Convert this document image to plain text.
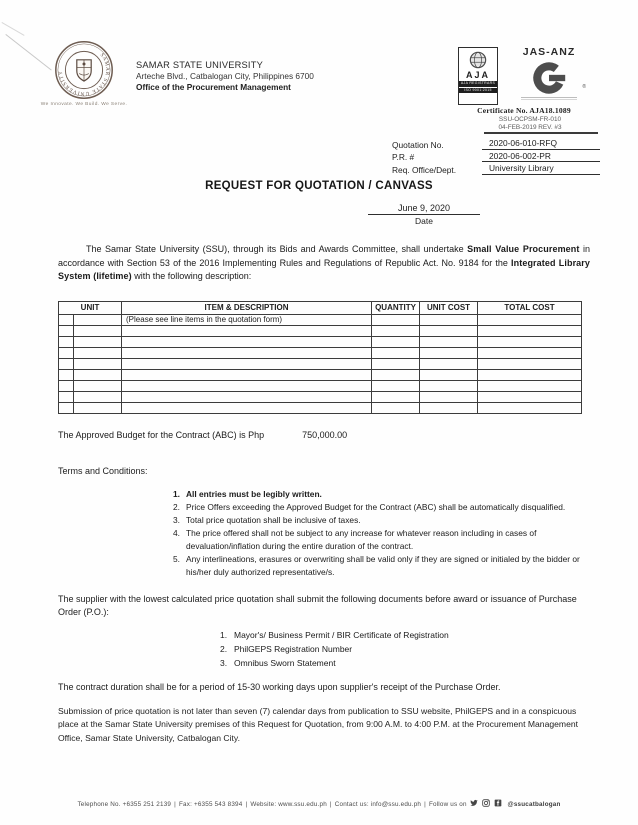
SAMAR STATE UNIVERSITY
We Innovate. We Build. We Serve.
SAMAR STATE UNIVERSITY
Arteche Blvd., Catbalogan City, Philippines 6700
Office of the Procurement Management
AJA
AJA REGISTRARS
ISO 9001:2015
JAS-ANZ
®
Certificate No. AJA18.1089
SSU-OCPSM-FR-010
04-FEB-2019 REV. #3
Quotation No.	2020-06-010-RFQ
P.R. #	2020-06-002-PR
Req. Office/Dept.	University Library
REQUEST FOR QUOTATION / CANVASS
June 9, 2020
Date

The Samar State University (SSU), through its Bids and Awards Committee, shall undertake Small Value Procurement in accordance with Section 53 of the 2016 Implementing Rules and Regulations of Republic Act. No. 9184 for the Integrated Library System (lifetime) with the following description:

UNIT		ITEM & DESCRIPTION	QUANTITY	UNIT COST	TOTAL COST
		(Please see line items in the quotation form)			

The Approved Budget for the Contract (ABC) is Php	750,000.00
Terms and Conditions:
1. All entries must be legibly written.
2. Price Offers exceeding the Approved Budget for the Contract (ABC) shall be automatically disqualified.
3. Total price quotation shall be inclusive of taxes.
4. The price offered shall not be subject to any increase for whatever reason including in cases of devaluation/inflation during the entire duration of the contract.
5. Any interlineations, erasures or overwriting shall be valid only if they are signed or initialed by the bidder or his/her duly authorized representative/s.

The supplier with the lowest calculated price quotation shall submit the following documents before award or issuance of Purchase Order (P.O.):

1. Mayor's/ Business Permit / BIR Certificate of Registration
2. PhilGEPS Registration Number
3. Omnibus Sworn Statement
The contract duration shall be for a period of 15-30 working days upon supplier's receipt of the Purchase Order.

Submission of price quotation is not later than seven (7) calendar days from publication to SSU website, PhilGEPS and in a conspicuous place at the Samar State University premises of this Request for Quotation, from 9:00 A.M. to 4:00 P.M. at the Procurement Management Office, Samar State University, Catbalogan City.

Telephone No. +6355 251 2139 | Fax: +6355 543 8394 | Website: www.ssu.edu.ph | Contact us: info@ssu.edu.ph | Follow us on	@ssucatbalogan
